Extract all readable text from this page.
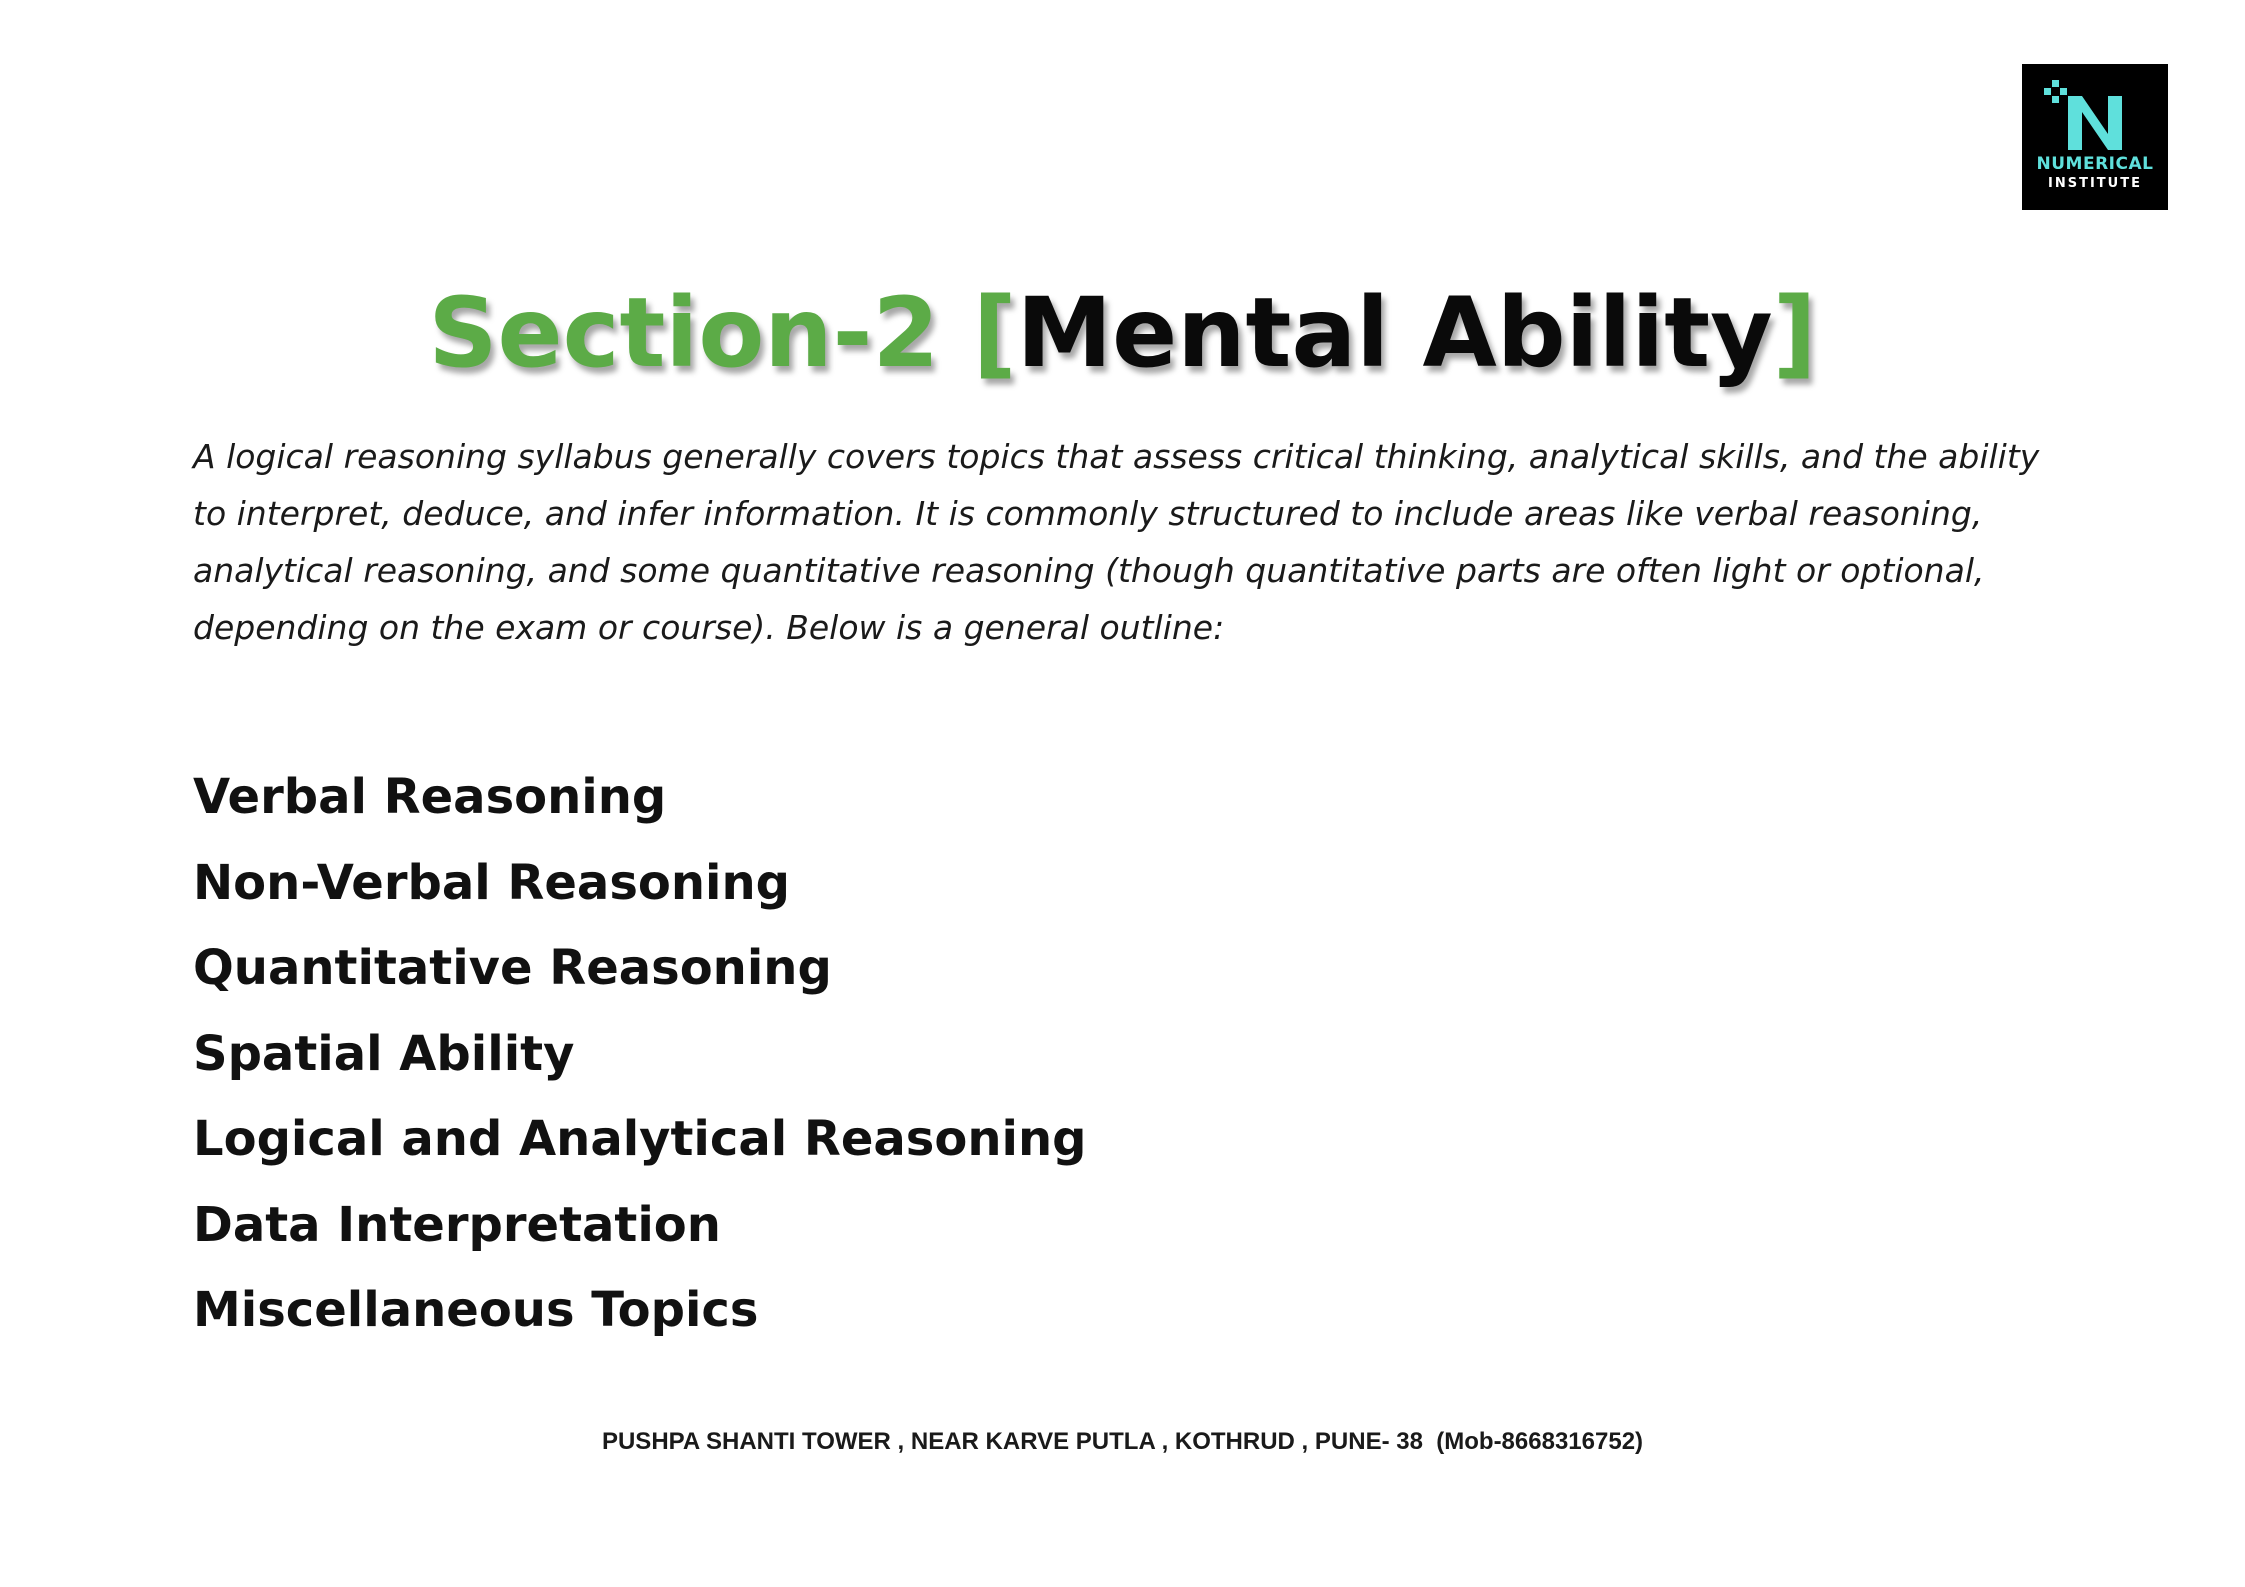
NUMERICAL
INSTITUTE
Section-2 [Mental Ability]

A logical reasoning syllabus generally covers topics that assess critical thinking, analytical skills, and the ability to interpret, deduce, and infer information. It is commonly structured to include areas like verbal reasoning, analytical reasoning, and some quantitative reasoning (though quantitative parts are often light or optional, depending on the exam or course). Below is a general outline:

Verbal Reasoning
Non-Verbal Reasoning
Quantitative Reasoning
Spatial Ability
Logical and Analytical Reasoning
Data Interpretation
Miscellaneous Topics

PUSHPA SHANTI TOWER , NEAR KARVE PUTLA , KOTHRUD , PUNE- 38  (Mob-8668316752)
